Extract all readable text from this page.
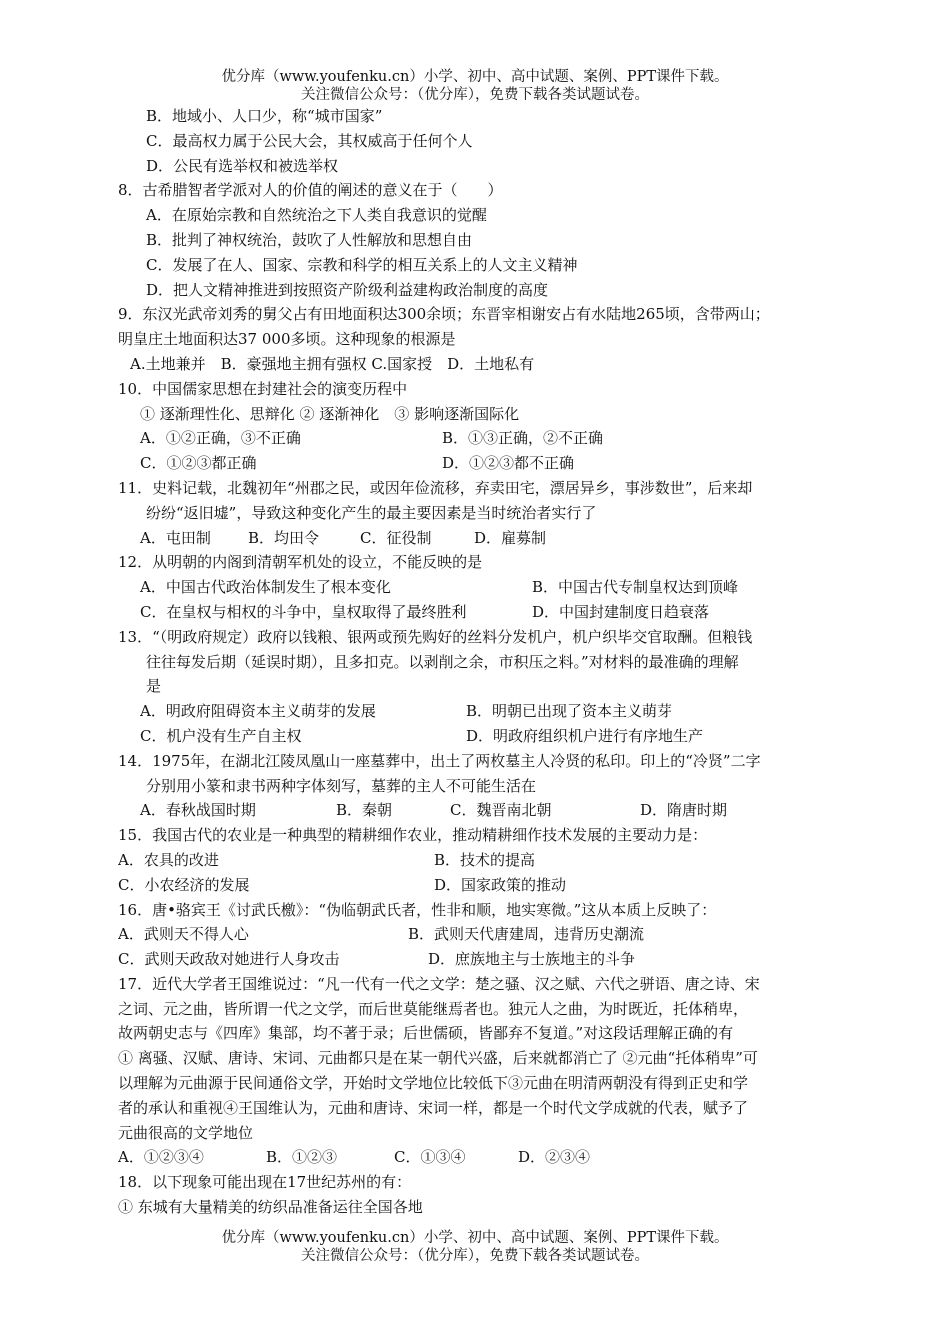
优分库（www.youfenku.cn）小学、初中、高中试题、案例、PPT课件下载。
关注微信公众号：（优分库），免费下载各类试题试卷。
B．地域小、人口少，称“城市国家”
C．最高权力属于公民大会，其权威高于任何个人
D．公民有选举权和被选举权
8．古希腊智者学派对人的价值的阐述的意义在于（　　）
A．在原始宗教和自然统治之下人类自我意识的觉醒
B．批判了神权统治，鼓吹了人性解放和思想自由
C．发展了在人、国家、宗教和科学的相互关系上的人文主义精神
D．把人文精神推进到按照资产阶级利益建构政治制度的高度
9．东汉光武帝刘秀的舅父占有田地面积达300余顷；东晋宰相谢安占有水陆地265顷，含带两山；
明皇庄土地面积达37 000多顷。这种现象的根源是
A.土地兼并　B．豪强地主拥有强权 C.国家授　D．土地私有
10．中国儒家思想在封建社会的演变历程中
① 逐渐理性化、思辩化 ② 逐渐神化　③ 影响逐渐国际化
A．①②正确，③不正确	B．①③正确，②不正确
C．①②③都正确	D．①②③都不正确
11．史料记载，北魏初年“州郡之民，或因年俭流移，弃卖田宅，漂居异乡，事涉数世”，后来却
纷纷“返旧墟”，导致这种变化产生的最主要因素是当时统治者实行了
A．屯田制	B．均田令	C．征役制	D．雇募制
12．从明朝的内阁到清朝军机处的设立，不能反映的是
A．中国古代政治体制发生了根本变化	B．中国古代专制皇权达到顶峰
C．在皇权与相权的斗争中，皇权取得了最终胜利	D．中国封建制度日趋衰落
13．“（明政府规定）政府以钱粮、银两或预先购好的丝料分发机户，机户织毕交官取酬。但粮钱
往往每发后期（延误时期），且多扣克。以剥削之余，市积压之料。”对材料的最准确的理解
是
A．明政府阻碍资本主义萌芽的发展	B．明朝已出现了资本主义萌芽
C．机户没有生产自主权	D．明政府组织机户进行有序地生产
14．1975年，在湖北江陵凤凰山一座墓葬中，出土了两枚墓主人冷贤的私印。印上的“冷贤”二字
分别用小篆和隶书两种字体刻写，墓葬的主人不可能生活在
A．春秋战国时期	B．秦朝	C．魏晋南北朝	D．隋唐时期
15．我国古代的农业是一种典型的精耕细作农业，推动精耕细作技术发展的主要动力是：
A．农具的改进	B．技术的提高
C．小农经济的发展	D．国家政策的推动
16．唐•骆宾王《讨武氏檄》：“伪临朝武氏者，性非和顺，地实寒微。”这从本质上反映了：
A．武则天不得人心	B．武则天代唐建周，违背历史潮流
C．武则天政敌对她进行人身攻击	D．庶族地主与士族地主的斗争
17．近代大学者王国维说过：“凡一代有一代之文学：楚之骚、汉之赋、六代之骈语、唐之诗、宋
之词、元之曲，皆所谓一代之文学，而后世莫能继焉者也。独元人之曲，为时既近，托体稍卑，
故两朝史志与《四库》集部，均不著于录；后世儒硕，皆鄙弃不复道。”对这段话理解正确的有
① 离骚、汉赋、唐诗、宋词、元曲都只是在某一朝代兴盛，后来就都消亡了 ②元曲“托体稍卑”可
以理解为元曲源于民间通俗文学，开始时文学地位比较低下③元曲在明清两朝没有得到正史和学
者的承认和重视④王国维认为，元曲和唐诗、宋词一样，都是一个时代文学成就的代表，赋予了
元曲很高的文学地位
A．①②③④	B．①②③	C．①③④	D．②③④
18．以下现象可能出现在17世纪苏州的有：
① 东城有大量精美的纺织品准备运往全国各地
优分库（www.youfenku.cn）小学、初中、高中试题、案例、PPT课件下载。
关注微信公众号：（优分库），免费下载各类试题试卷。
